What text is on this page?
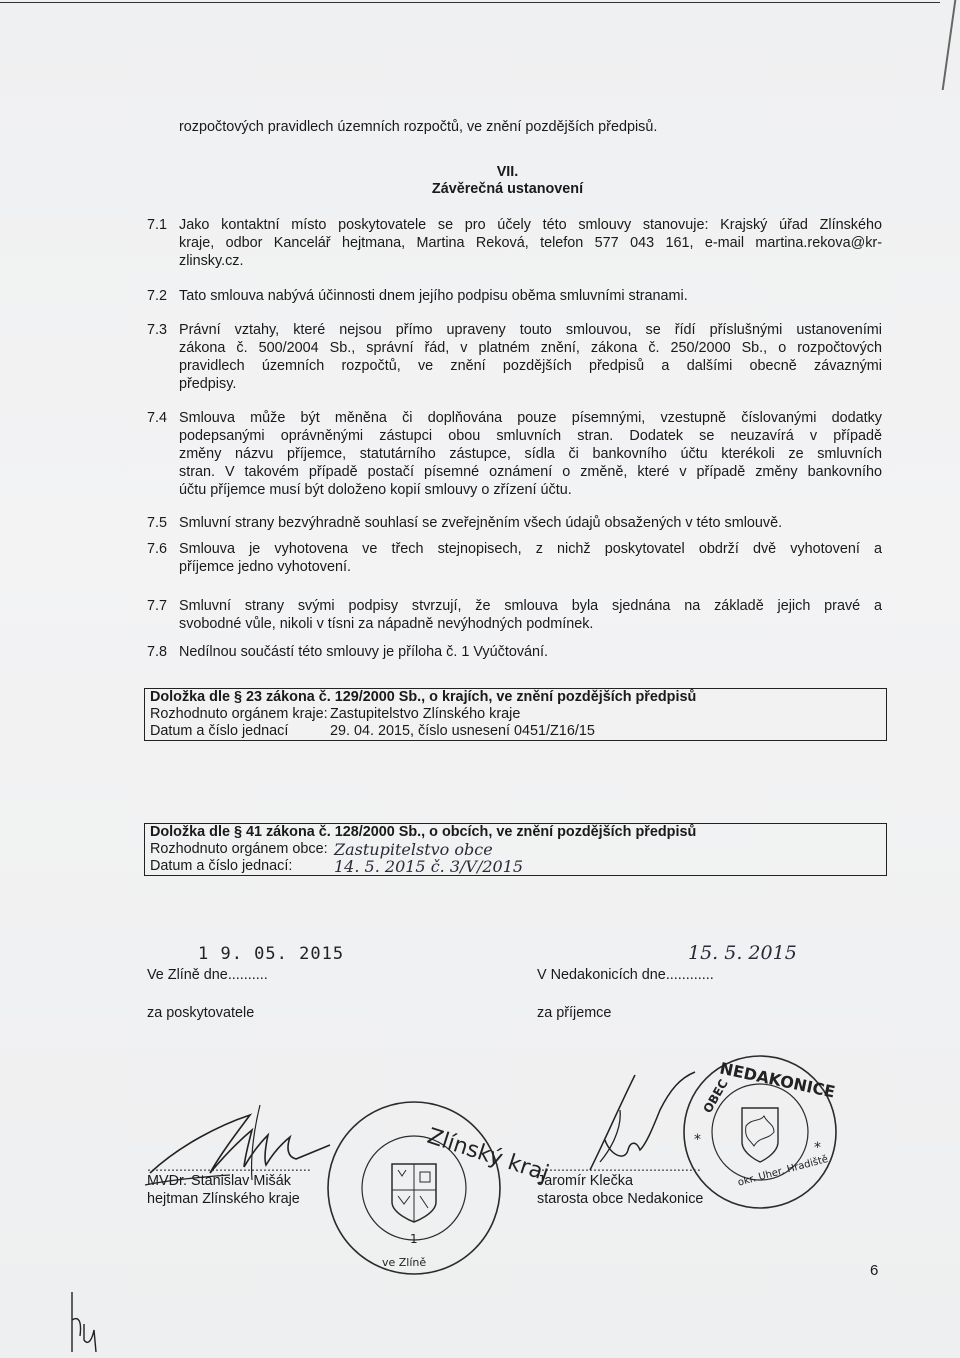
rozpočtových pravidlech územních rozpočtů, ve znění pozdějších předpisů.
VII.
Závěrečná ustanovení
7.1 Jako kontaktní místo poskytovatele se pro účely této smlouvy stanovuje: Krajský úřad Zlínského
kraje, odbor Kancelář hejtmana, Martina Reková, telefon 577 043 161, e-mail martina.rekova@kr-
zlinsky.cz.
7.2 Tato smlouva nabývá účinnosti dnem jejího podpisu oběma smluvními stranami.
7.3 Právní vztahy, které nejsou přímo upraveny touto smlouvou, se řídí příslušnými ustanoveními
zákona č. 500/2004 Sb., správní řád, v platném znění, zákona č. 250/2000 Sb., o rozpočtových
pravidlech územních rozpočtů, ve znění pozdějších předpisů a dalšími obecně závaznými
předpisy.
7.4 Smlouva může být měněna či doplňována pouze písemnými, vzestupně číslovanými dodatky
podepsanými oprávněnými zástupci obou smluvních stran. Dodatek se neuzavírá v případě
změny názvu příjemce, statutárního zástupce, sídla či bankovního účtu kterékoli ze smluvních
stran. V takovém případě postačí písemné oznámení o změně, které v případě změny bankovního
účtu příjemce musí být doloženo kopií smlouvy o zřízení účtu.
7.5 Smluvní strany bezvýhradně souhlasí se zveřejněním všech údajů obsažených v této smlouvě.
7.6 Smlouva je vyhotovena ve třech stejnopisech, z nichž poskytovatel obdrží dvě vyhotovení a
příjemce jedno vyhotovení.
7.7 Smluvní strany svými podpisy stvrzují, že smlouva byla sjednána na základě jejich pravé a
svobodné vůle, nikoli v tísni za nápadně nevýhodných podmínek.
7.8 Nedílnou součástí této smlouvy je příloha č. 1 Vyúčtování.
Doložka dle § 23 zákona č. 129/2000 Sb., o krajích, ve znění pozdějších předpisů
Rozhodnuto orgánem kraje: Zastupitelstvo Zlínského kraje
Datum a číslo jednací	29. 04. 2015, číslo usnesení 0451/Z16/15
Doložka dle § 41 zákona č. 128/2000 Sb., o obcích, ve znění pozdějších předpisů
Rozhodnuto orgánem obce: Zastupitelstvo obce
Datum a číslo jednací:	14. 5. 2015 č. 3/V/2015
Ve Zlíně dne..........
1 9. 05. 2015
V Nedakonicích dne............
15. 5. 2015
za poskytovatele	za příjemce
.........................................	.........................................
MVDr. Stanislav Mišák
hejtman Zlínského kraje
Jaromír Klečka
starosta obce Nedakonice
Zlínský kraj
ve Zlíně
1
NEDAKONICE
OBEC
okr. Uher. Hradiště
*	*
6
